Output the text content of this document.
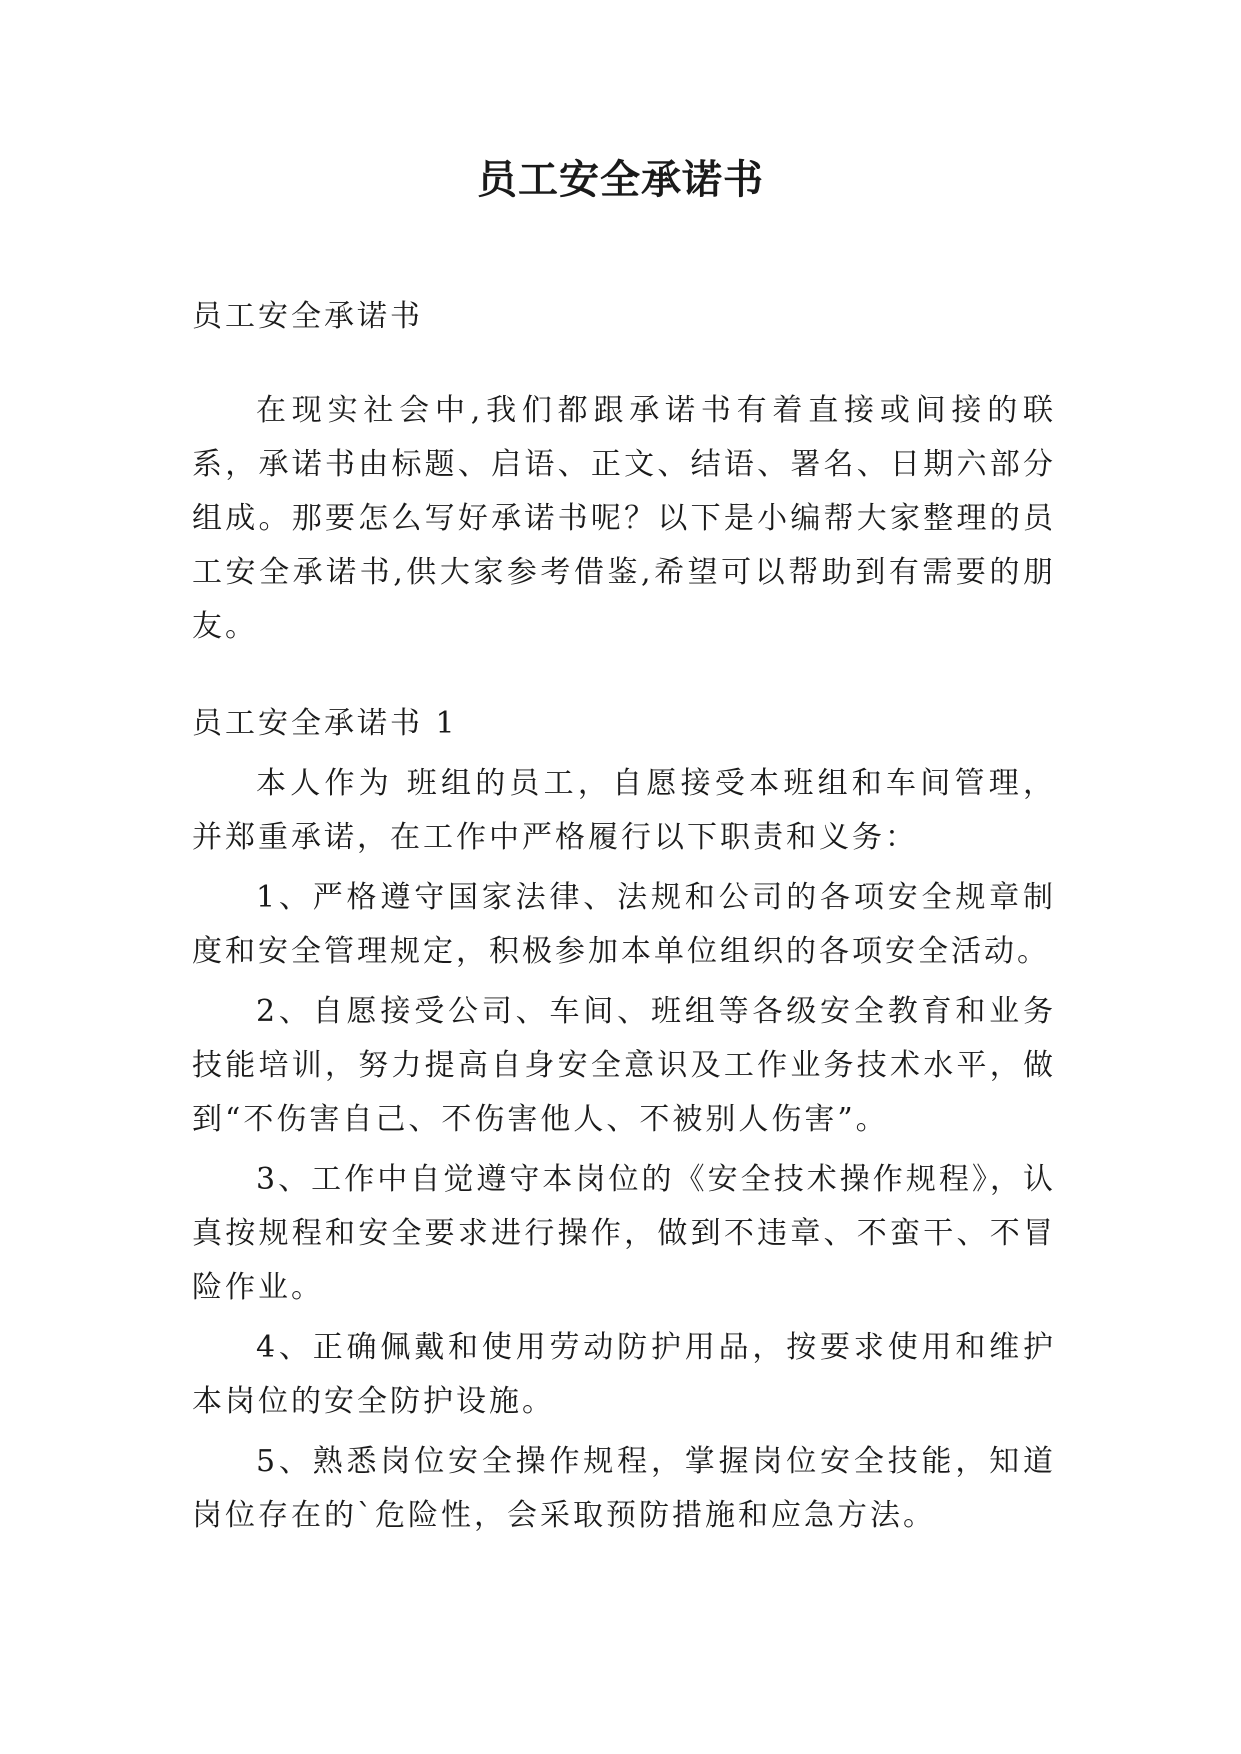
员工安全承诺书

员工安全承诺书

在现实社会中,我们都跟承诺书有着直接或间接的联系，承诺书由标题、启语、正文、结语、署名、日期六部分组成。那要怎么写好承诺书呢？以下是小编帮大家整理的员工安全承诺书,供大家参考借鉴,希望可以帮助到有需要的朋友。

员工安全承诺书 1

本人作为 班组的员工，自愿接受本班组和车间管理，并郑重承诺，在工作中严格履行以下职责和义务：

1、严格遵守国家法律、法规和公司的各项安全规章制度和安全管理规定，积极参加本单位组织的各项安全活动。

2、自愿接受公司、车间、班组等各级安全教育和业务技能培训，努力提高自身安全意识及工作业务技术水平，做到“不伤害自己、不伤害他人、不被别人伤害”。

3、工作中自觉遵守本岗位的《安全技术操作规程》，认真按规程和安全要求进行操作，做到不违章、不蛮干、不冒险作业。

4、正确佩戴和使用劳动防护用品，按要求使用和维护本岗位的安全防护设施。

5、熟悉岗位安全操作规程，掌握岗位安全技能，知道岗位存在的`危险性，会采取预防措施和应急方法。
